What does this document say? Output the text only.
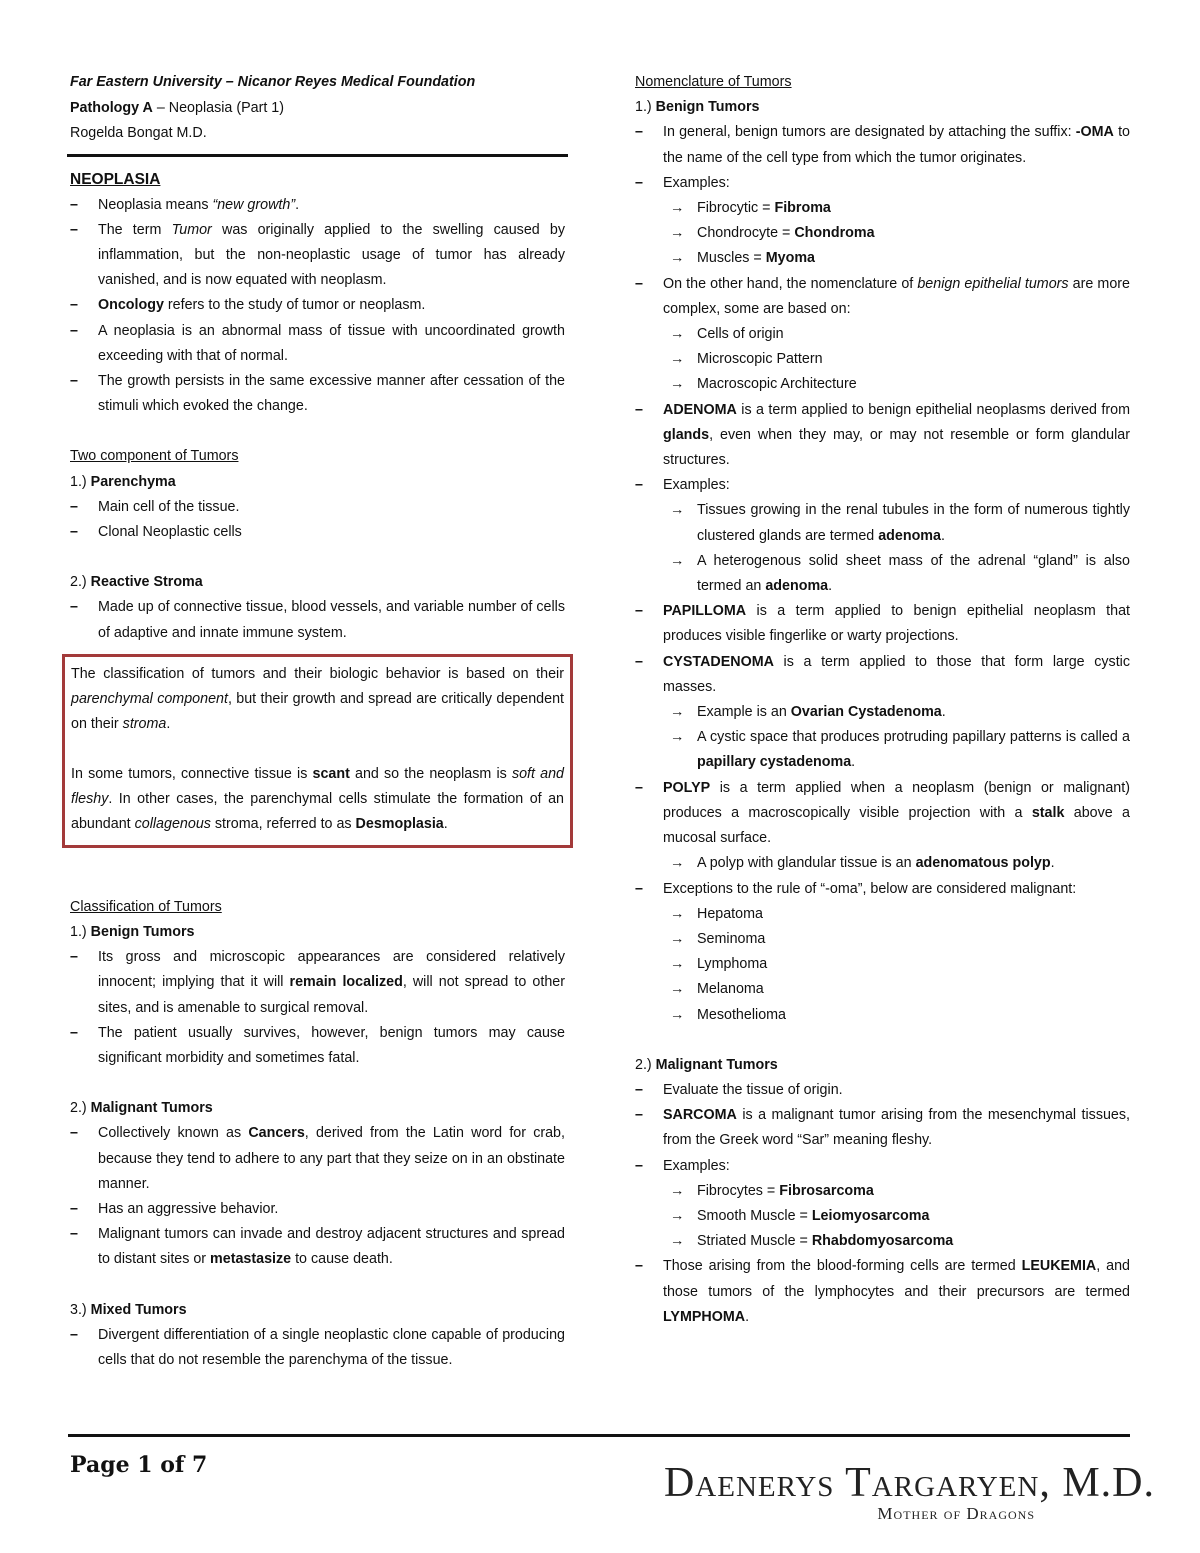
Far Eastern University – Nicanor Reyes Medical Foundation
Pathology A – Neoplasia (Part 1)
Rogelda Bongat M.D.
NEOPLASIA
–	Neoplasia means “new growth”.
–	The term Tumor was originally applied to the swelling caused by inflammation, but the non-neoplastic usage of tumor has already vanished, and is now equated with neoplasm.
–	Oncology refers to the study of tumor or neoplasm.
–	A neoplasia is an abnormal mass of tissue with uncoordinated growth exceeding with that of normal.
–	The growth persists in the same excessive manner after cessation of the stimuli which evoked the change.
Two component of Tumors
1.) Parenchyma
–	Main cell of the tissue.
–	Clonal Neoplastic cells
2.) Reactive Stroma
–	Made up of connective tissue, blood vessels, and variable number of cells of adaptive and innate immune system.

The classification of tumors and their biologic behavior is based on their parenchymal component, but their growth and spread are critically dependent on their stroma.

In some tumors, connective tissue is scant and so the neoplasm is soft and fleshy. In other cases, the parenchymal cells stimulate the formation of an abundant collagenous stroma, referred to as Desmoplasia.

Classification of Tumors
1.) Benign Tumors
–	Its gross and microscopic appearances are considered relatively innocent; implying that it will remain localized, will not spread to other sites, and is amenable to surgical removal.
–	The patient usually survives, however, benign tumors may cause significant morbidity and sometimes fatal.
2.) Malignant Tumors
–	Collectively known as Cancers, derived from the Latin word for crab, because they tend to adhere to any part that they seize on in an obstinate manner.
–	Has an aggressive behavior.
–	Malignant tumors can invade and destroy adjacent structures and spread to distant sites or metastasize to cause death.
3.) Mixed Tumors
–	Divergent differentiation of a single neoplastic clone capable of producing cells that do not resemble the parenchyma of the tissue.
Nomenclature of Tumors
1.) Benign Tumors
–	In general, benign tumors are designated by attaching the suffix: -OMA to the name of the cell type from which the tumor originates.
–	Examples:
→ Fibrocytic = Fibroma
→ Chondrocyte = Chondroma
→ Muscles = Myoma
–	On the other hand, the nomenclature of benign epithelial tumors are more complex, some are based on:
→ Cells of origin
→ Microscopic Pattern
→ Macroscopic Architecture
–	ADENOMA is a term applied to benign epithelial neoplasms derived from glands, even when they may, or may not resemble or form glandular structures.
–	Examples:
→ Tissues growing in the renal tubules in the form of numerous tightly clustered glands are termed adenoma.
→ A heterogenous solid sheet mass of the adrenal “gland” is also termed an adenoma.
–	PAPILLOMA is a term applied to benign epithelial neoplasm that produces visible fingerlike or warty projections.
–	CYSTADENOMA is a term applied to those that form large cystic masses.
→ Example is an Ovarian Cystadenoma.
→ A cystic space that produces protruding papillary patterns is called a papillary cystadenoma.
–	POLYP is a term applied when a neoplasm (benign or malignant) produces a macroscopically visible projection with a stalk above a mucosal surface.
→ A polyp with glandular tissue is an adenomatous polyp.
–	Exceptions to the rule of “-oma”, below are considered malignant:
→ Hepatoma
→ Seminoma
→ Lymphoma
→ Melanoma
→ Mesothelioma
2.) Malignant Tumors
–	Evaluate the tissue of origin.
–	SARCOMA is a malignant tumor arising from the mesenchymal tissues, from the Greek word “Sar” meaning fleshy.
–	Examples:
→ Fibrocytes = Fibrosarcoma
→ Smooth Muscle = Leiomyosarcoma
→ Striated Muscle = Rhabdomyosarcoma
–	Those arising from the blood-forming cells are termed LEUKEMIA, and those tumors of the lymphocytes and their precursors are termed LYMPHOMA.
Page 1 of 7	Daenerys Targaryen, M.D.
Mother of Dragons
